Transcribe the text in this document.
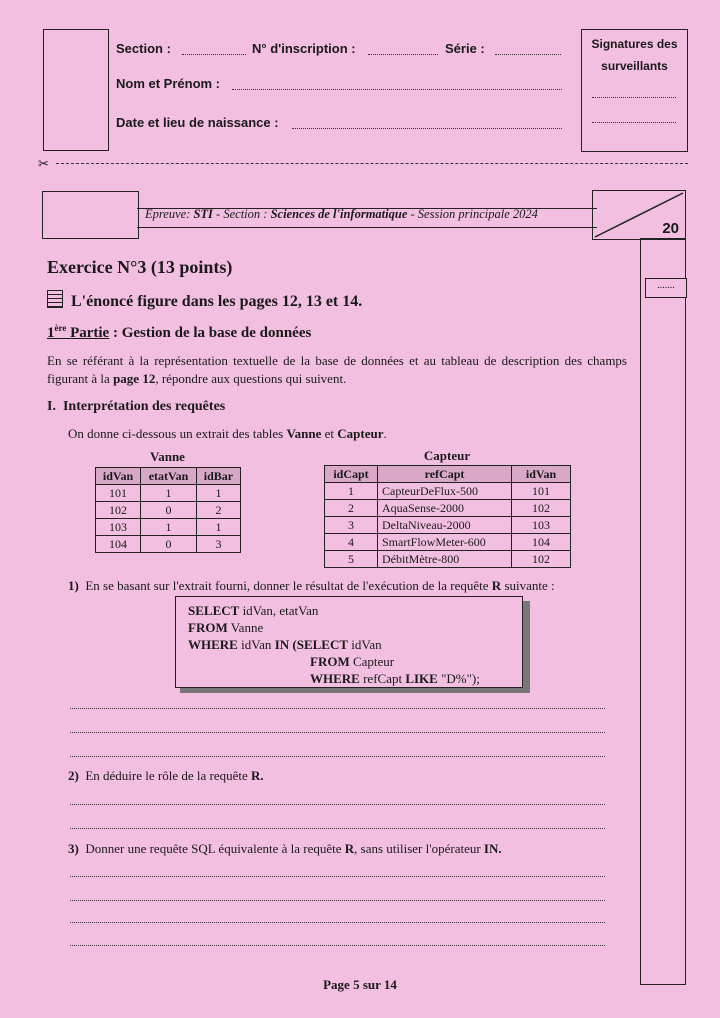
Section :	N° d'inscription :	Série :
Nom et Prénom :
Date et lieu de naissance :
Signatures des surveillants
✂
Epreuve: STI - Section : Sciences de l'informatique - Session principale 2024
20
.......
Exercice N°3 (13 points)
L'énoncé figure dans les pages 12, 13 et 14.
1ère Partie : Gestion de la base de données
En se référant à la représentation textuelle de la base de données et au tableau de description des champs figurant à la page 12, répondre aux questions qui suivent.
I. Interprétation des requêtes
On donne ci-dessous un extrait des tables Vanne et Capteur.
Vanne
idVan	etatVan	idBar
101	1	1
102	0	2
103	1	1
104	0	3
Capteur
idCapt	refCapt	idVan
1	CapteurDeFlux-500	101
2	AquaSense-2000	102
3	DeltaNiveau-2000	103
4	SmartFlowMeter-600	104
5	DébitMètre-800	102
1) En se basant sur l'extrait fourni, donner le résultat de l'exécution de la requête R suivante :
SELECT idVan, etatVan
FROM Vanne
WHERE idVan IN (SELECT idVan
FROM Capteur
WHERE refCapt LIKE "D%");
2) En déduire le rôle de la requête R.
3) Donner une requête SQL équivalente à la requête R, sans utiliser l'opérateur IN.
Page 5 sur 14
